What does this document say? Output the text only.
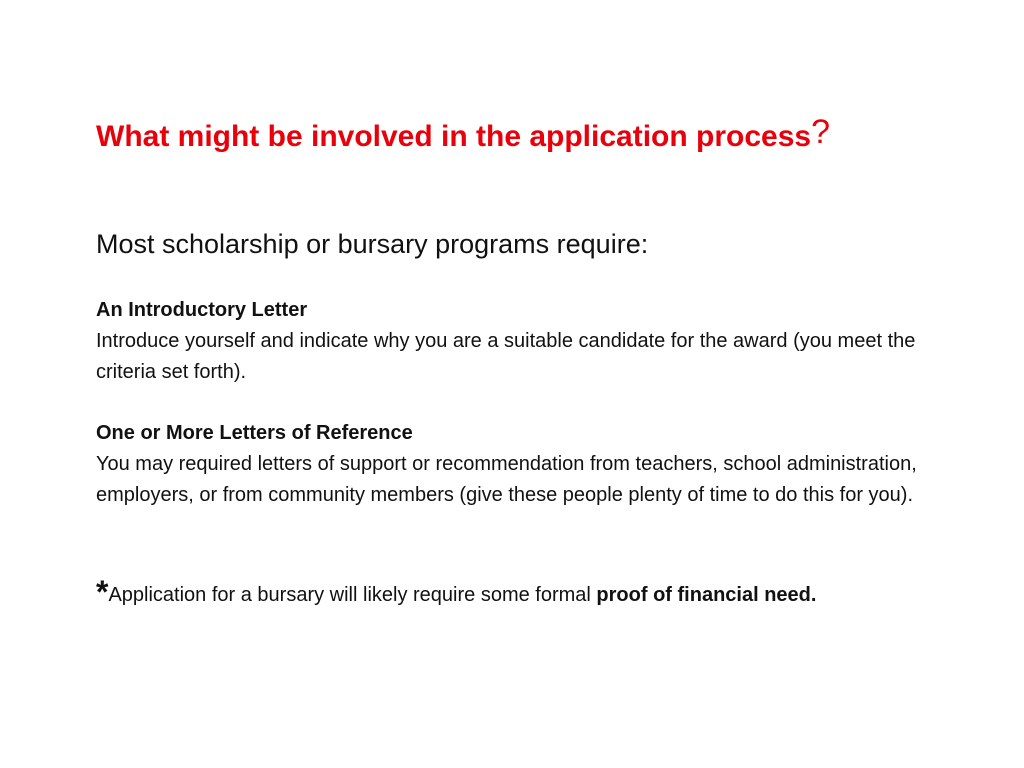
What might be involved in the application process?
Most scholarship or bursary programs require:
An Introductory Letter
Introduce yourself and indicate why you are a suitable candidate for the award (you meet the criteria set forth).
One or More Letters of Reference
You may required letters of support or recommendation from teachers, school administration, employers, or from community members (give these people plenty of time to do this for you).
*Application for a bursary will likely require some formal proof of financial need.
